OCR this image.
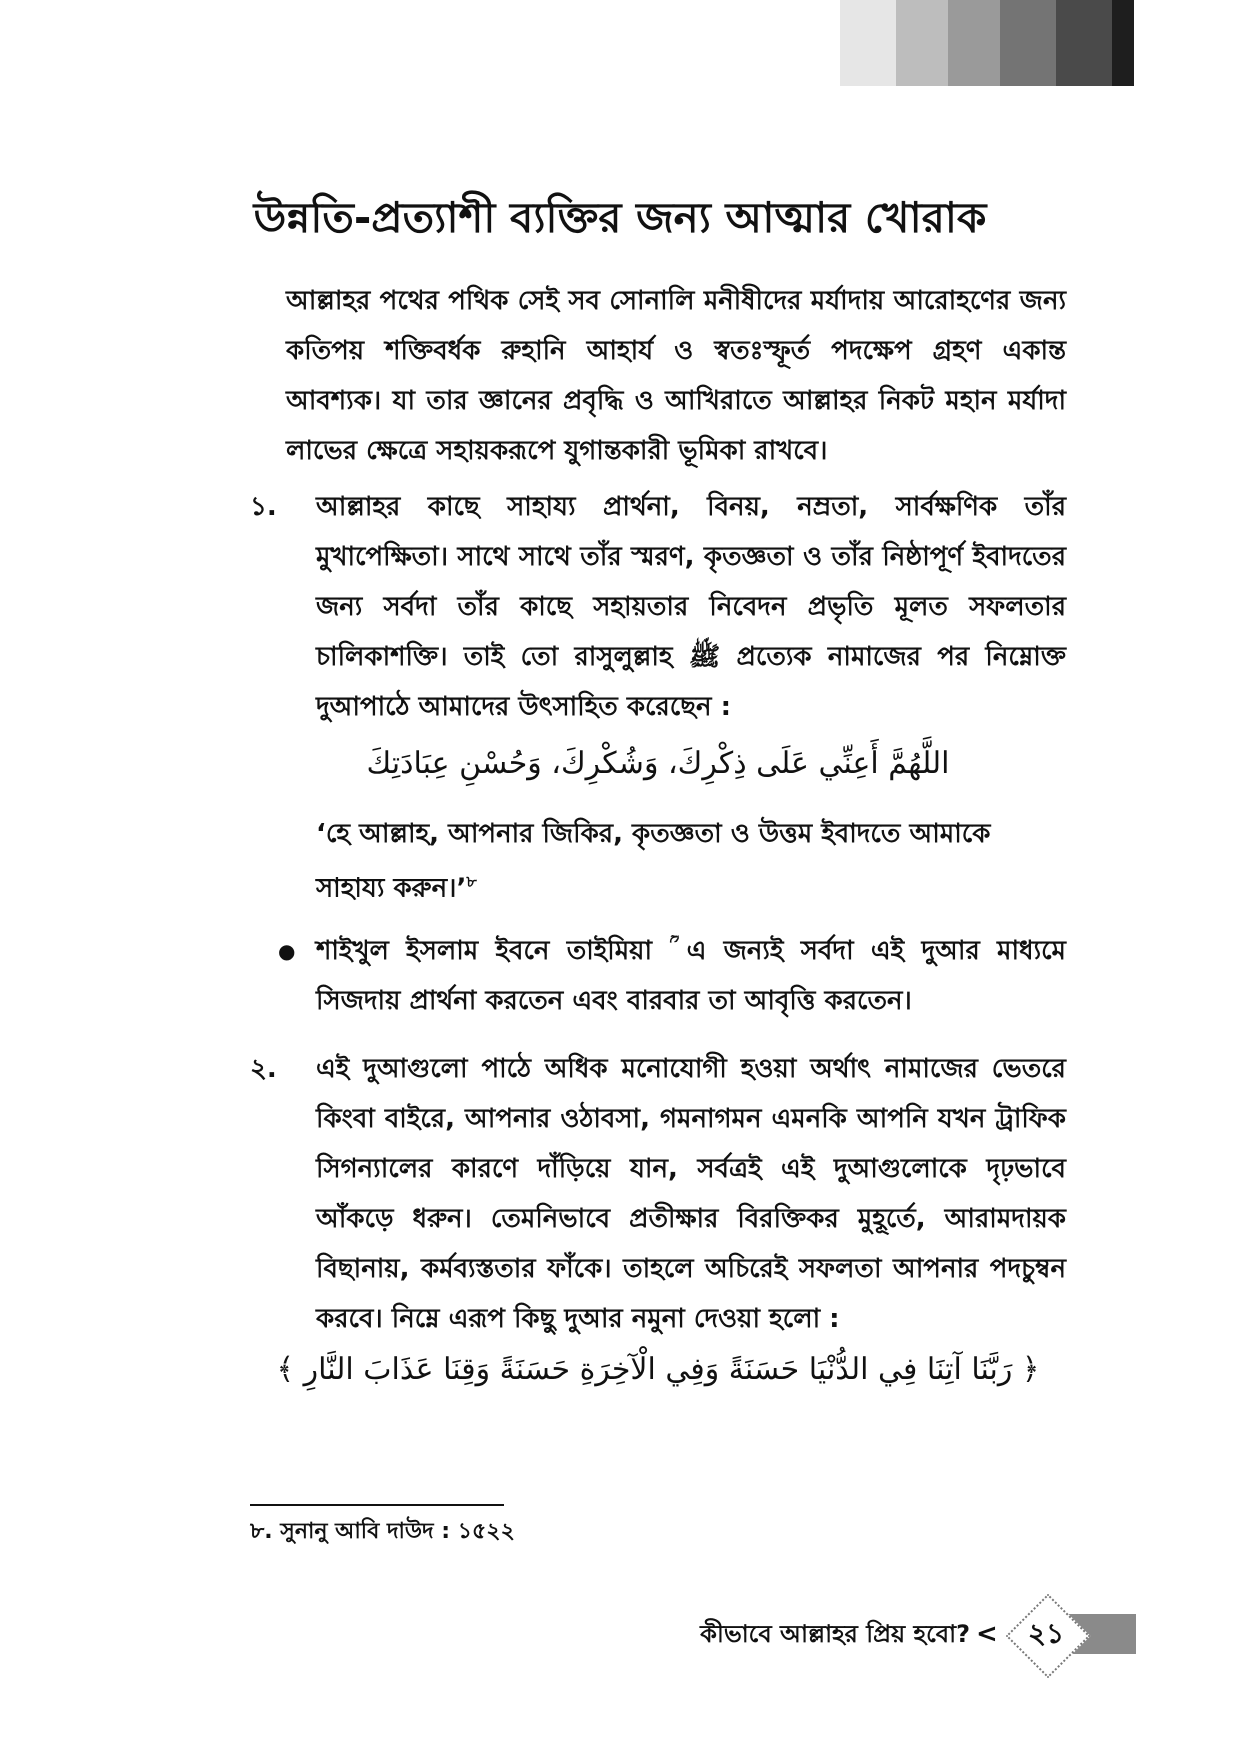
উন্নতি-প্রত্যাশী ব্যক্তির জন্য আত্মার খোরাক

আল্লাহর পথের পথিক সেই সব সোনালি মনীষীদের মর্যাদায় আরোহণের জন্য কতিপয় শক্তিবর্ধক রুহানি আহার্য ও স্বতঃস্ফূর্ত পদক্ষেপ গ্রহণ একান্ত আবশ্যক। যা তার জ্ঞানের প্রবৃদ্ধি ও আখিরাতে আল্লাহর নিকট মহান মর্যাদা লাভের ক্ষেত্রে সহায়করূপে যুগান্তকারী ভূমিকা রাখবে।

১.	আল্লাহর কাছে সাহায্য প্রার্থনা, বিনয়, নম্রতা, সার্বক্ষণিক তাঁর মুখাপেক্ষিতা। সাথে সাথে তাঁর স্মরণ, কৃতজ্ঞতা ও তাঁর নিষ্ঠাপূর্ণ ইবাদতের জন্য সর্বদা তাঁর কাছে সহায়তার নিবেদন প্রভৃতি মূলত সফলতার চালিকাশক্তি। তাই তো রাসুলুল্লাহ ﷺ প্রত্যেক নামাজের পর নিম্নোক্ত দুআপাঠে আমাদের উৎসাহিত করেছেন :
اللَّهُمَّ أَعِنِّي عَلَى ذِكْرِكَ، وَشُكْرِكَ، وَحُسْنِ عِبَادَتِكَ

‘হে আল্লাহ, আপনার জিকির, কৃতজ্ঞতা ও উত্তম ইবাদতে আমাকে সাহায্য করুন।’$^৮$

● শাইখুল ইসলাম ইবনে তাইমিয়া ؒ এ জন্যই সর্বদা এই দুআর মাধ্যমে সিজদায় প্রার্থনা করতেন এবং বারবার তা আবৃত্তি করতেন।
২.	এই দুআগুলো পাঠে অধিক মনোযোগী হওয়া অর্থাৎ নামাজের ভেতরে কিংবা বাইরে, আপনার ওঠাবসা, গমনাগমন এমনকি আপনি যখন ট্রাফিক সিগন্যালের কারণে দাঁড়িয়ে যান, সর্বত্রই এই দুআগুলোকে দৃঢ়ভাবে আঁকড়ে ধরুন। তেমনিভাবে প্রতীক্ষার বিরক্তিকর মুহূর্তে, আরামদায়ক বিছানায়, কর্মব্যস্ততার ফাঁকে। তাহলে অচিরেই সফলতা আপনার পদচুম্বন করবে। নিম্নে এরূপ কিছু দুআর নমুনা দেওয়া হলো :
﴿ رَبَّنَا آتِنَا فِي الدُّنْيَا حَسَنَةً وَفِي الْآخِرَةِ حَسَنَةً وَقِنَا عَذَابَ النَّارِ ﴾
৮. সুনানু আবি দাউদ : ১৫২২
কীভাবে আল্লাহর প্রিয় হবো? <	২১
